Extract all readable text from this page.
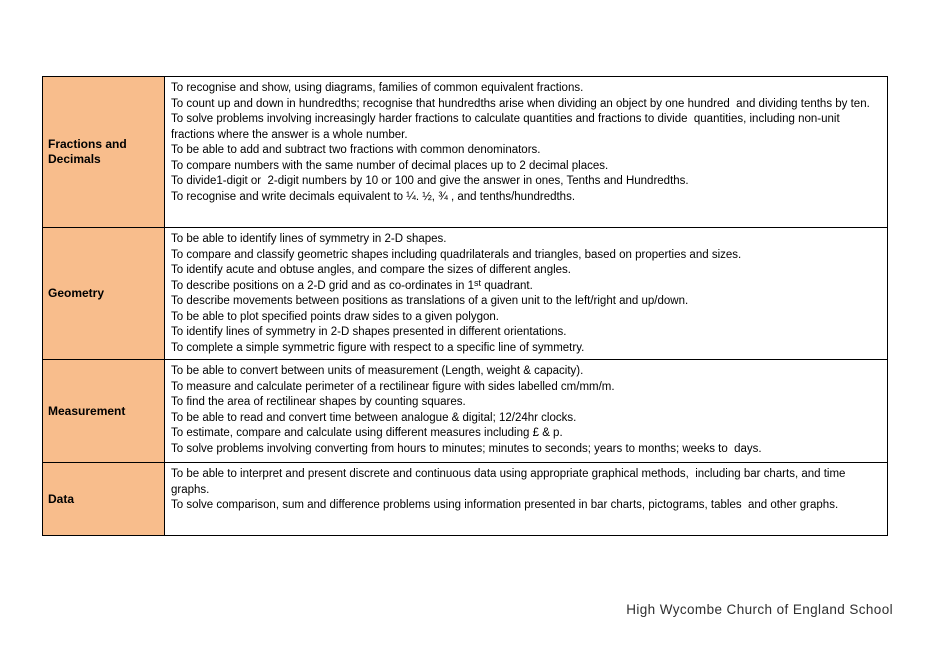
Fractions and Decimals	
To recognise and show, using diagrams, families of common equivalent fractions.
To count up and down in hundredths; recognise that hundredths arise when dividing an object by one hundred  and dividing tenths by ten.
To solve problems involving increasingly harder fractions to calculate quantities and fractions to divide  quantities, including non-unit fractions where the answer is a whole number.
To be able to add and subtract two fractions with common denominators.
To compare numbers with the same number of decimal places up to 2 decimal places.
To divide1-digit or  2-digit numbers by 10 or 100 and give the answer in ones, Tenths and Hundredths.
To recognise and write decimals equivalent to ¼. ½, ¾ , and tenths/hundredths.

Geometry	
To be able to identify lines of symmetry in 2-D shapes.
To compare and classify geometric shapes including quadrilaterals and triangles, based on properties and sizes.
To identify acute and obtuse angles, and compare the sizes of different angles.
To describe positions on a 2-D grid and as co-ordinates in 1st quadrant.
To describe movements between positions as translations of a given unit to the left/right and up/down.
To be able to plot specified points draw sides to a given polygon.
To identify lines of symmetry in 2-D shapes presented in different orientations.
To complete a simple symmetric figure with respect to a specific line of symmetry.

Measurement	
To be able to convert between units of measurement (Length, weight & capacity).
To measure and calculate perimeter of a rectilinear figure with sides labelled cm/mm/m.
To find the area of rectilinear shapes by counting squares.
To be able to read and convert time between analogue & digital; 12/24hr clocks.
To estimate, compare and calculate using different measures including £ & p.
To solve problems involving converting from hours to minutes; minutes to seconds; years to months; weeks to  days.

Data	To be able to interpret and present discrete and continuous data using appropriate graphical methods,  including bar charts, and time graphs.
To solve comparison, sum and difference problems using information presented in bar charts, pictograms, tables  and other graphs.
High Wycombe Church of England School
